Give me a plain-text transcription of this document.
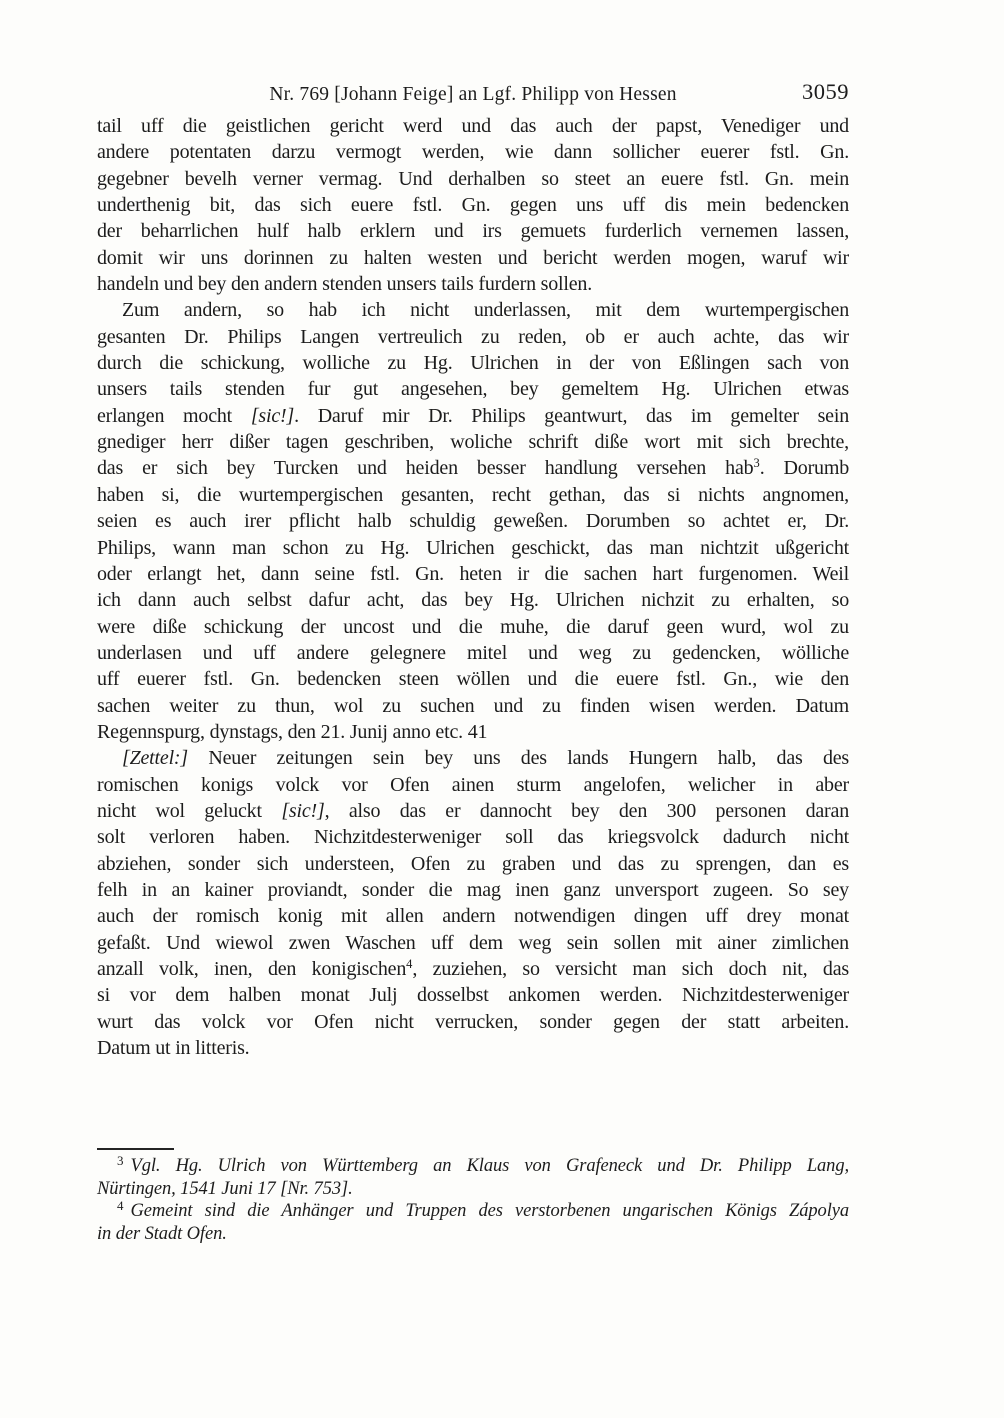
Nr. 769 [Johann Feige] an Lgf. Philipp von Hessen	3059
tail uff die geistlichen gericht werd und das auch der papst, Venediger und
andere potentaten darzu vermogt werden, wie dann sollicher euerer fstl. Gn.
gegebner bevelh verner vermag. Und derhalben so steet an euere fstl. Gn. mein
underthenig bit, das sich euere fstl. Gn. gegen uns uff dis mein bedencken
der beharrlichen hulf halb erklern und irs gemuets furderlich vernemen lassen,
domit wir uns dorinnen zu halten westen und bericht werden mogen, waruf wir
handeln und bey den andern stenden unsers tails furdern sollen.
Zum andern, so hab ich nicht underlassen, mit dem wurtempergischen
gesanten Dr. Philips Langen vertreulich zu reden, ob er auch achte, das wir
durch die schickung, wolliche zu Hg. Ulrichen in der von Eßlingen sach von
unsers tails stenden fur gut angesehen, bey gemeltem Hg. Ulrichen etwas
erlangen mocht [sic!]. Daruf mir Dr. Philips geantwurt, das im gemelter sein
gnediger herr dißer tagen geschriben, woliche schrift diße wort mit sich brechte,
das er sich bey Turcken und heiden besser handlung versehen hab$^3$. Dorumb
haben si, die wurtempergischen gesanten, recht gethan, das si nichts angnomen,
seien es auch irer pflicht halb schuldig geweßen. Dorumben so achtet er, Dr.
Philips, wann man schon zu Hg. Ulrichen geschickt, das man nichtzit ußgericht
oder erlangt het, dann seine fstl. Gn. heten ir die sachen hart furgenomen. Weil
ich dann auch selbst dafur acht, das bey Hg. Ulrichen nichzit zu erhalten, so
were diße schickung der uncost und die muhe, die daruf geen wurd, wol zu
underlasen und uff andere gelegnere mitel und weg zu gedencken, wölliche
uff euerer fstl. Gn. bedencken steen wöllen und die euere fstl. Gn., wie den
sachen weiter zu thun, wol zu suchen und zu finden wisen werden. Datum
Regennspurg, dynstags, den 21. Junij anno etc. 41
[Zettel:] Neuer zeitungen sein bey uns des lands Hungern halb, das des
romischen konigs volck vor Ofen ainen sturm angelofen, welicher in aber
nicht wol geluckt [sic!], also das er dannocht bey den 300 personen daran
solt verloren haben. Nichzitdesterweniger soll das kriegsvolck dadurch nicht
abziehen, sonder sich understeen, Ofen zu graben und das zu sprengen, dan es
felh in an kainer proviandt, sonder die mag inen ganz unversport zugeen. So sey
auch der romisch konig mit allen andern notwendigen dingen uff drey monat
gefaßt. Und wiewol zwen Waschen uff dem weg sein sollen mit ainer zimlichen
anzall volk, inen, den konigischen$^4$, zuziehen, so versicht man sich doch nit, das
si vor dem halben monat Julj dosselbst ankomen werden. Nichzitdesterweniger
wurt das volck vor Ofen nicht verrucken, sonder gegen der statt arbeiten.
Datum ut in litteris.
$^3$ Vgl. Hg. Ulrich von Württemberg an Klaus von Grafeneck und Dr. Philipp Lang,
Nürtingen, 1541 Juni 17 [Nr. 753].
$^4$ Gemeint sind die Anhänger und Truppen des verstorbenen ungarischen Königs Zápolya
in der Stadt Ofen.
